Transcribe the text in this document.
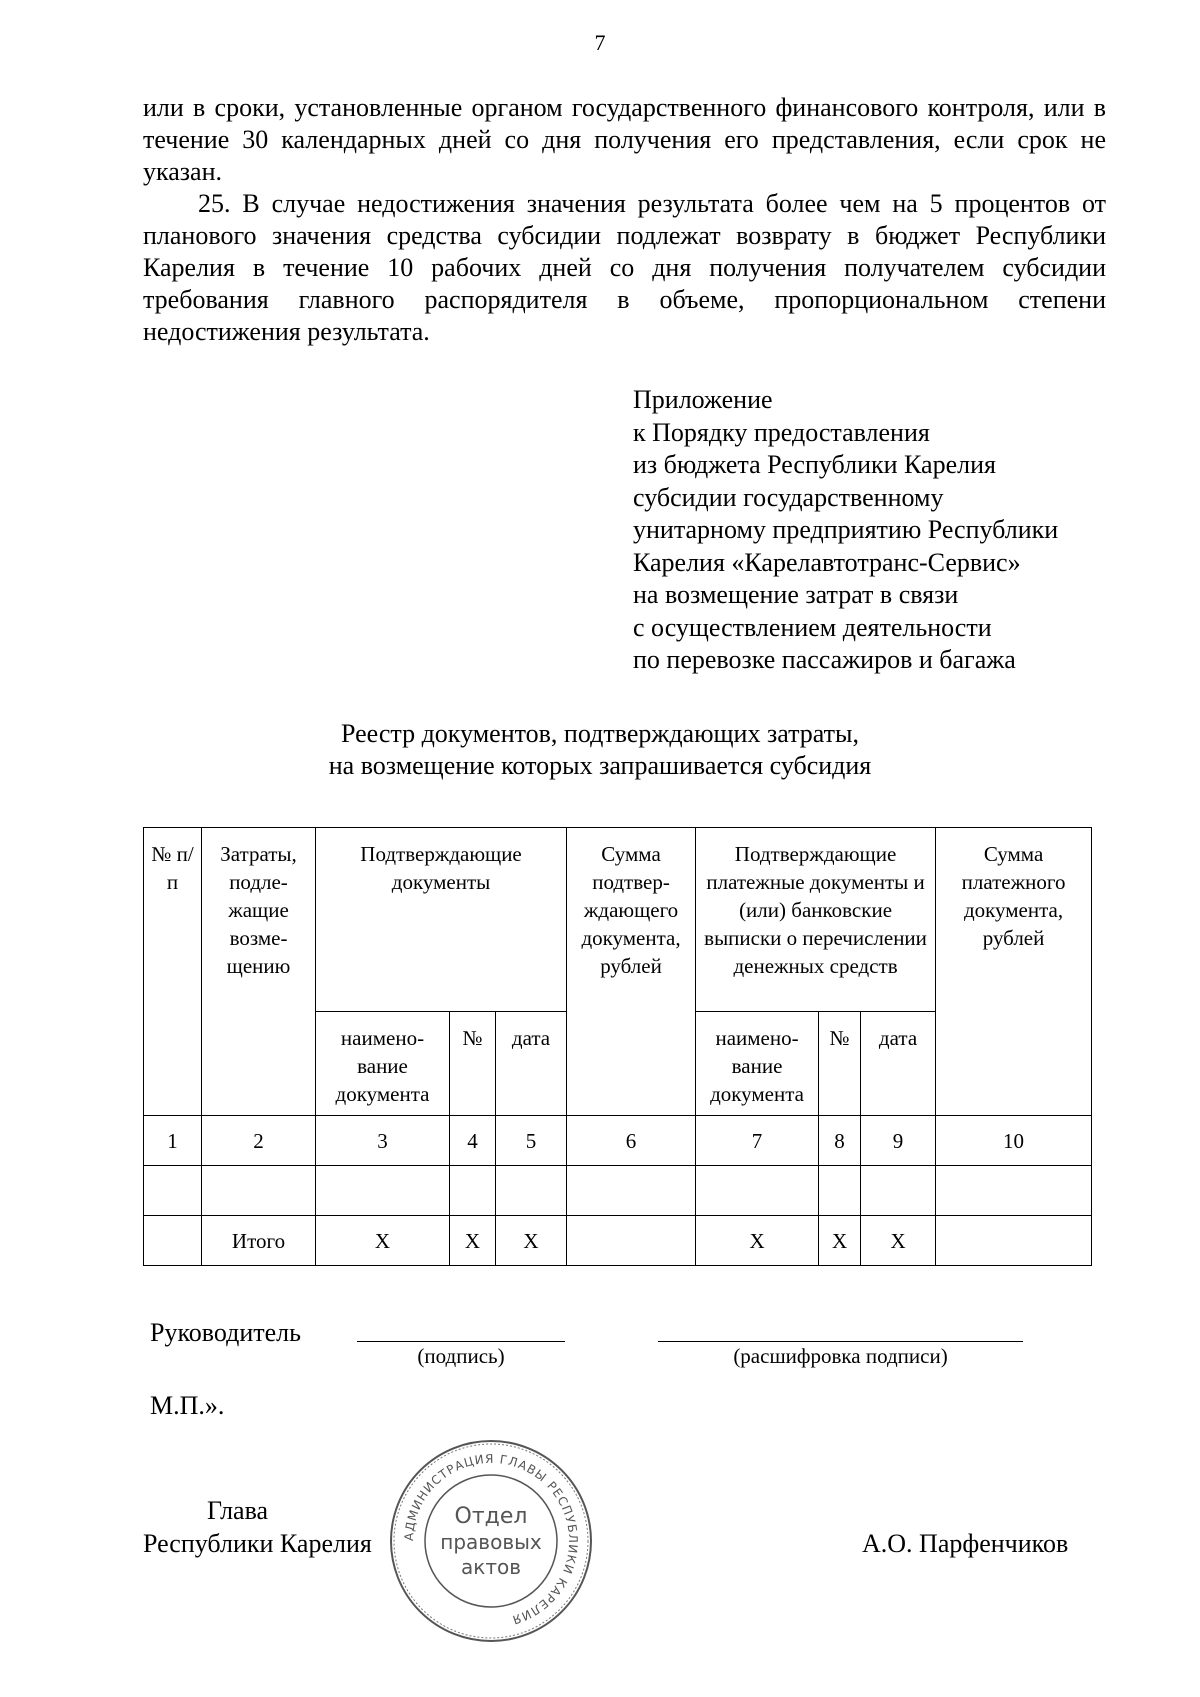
7

или в сроки, установленные органом государственного финансового контроля, или в течение 30 календарных дней со дня получения его представления, если срок не указан.

25. В случае недостижения значения результата более чем на 5 процентов от планового значения средства субсидии подлежат возврату в бюджет Республики Карелия в течение 10 рабочих дней со дня получения получателем субсидии требования главного распорядителя в объеме, пропорциональном степени недостижения результата.

Приложение
к Порядку предоставления
из бюджета Республики Карелия
субсидии государственному
унитарному предприятию Республики
Карелия «Карелавтотранс-Сервис»
на возмещение затрат в связи
с осуществлением деятельности
по перевозке пассажиров и багажа
Реестр документов, подтверждающих затраты,
на возмещение которых запрашивается субсидия
№ п/п	Затраты, подле-жащие возме-щению	Подтверждающие документы			Сумма подтвер-ждающего документа, рублей	Подтверждающие платежные документы и (или) банковские выписки о перечислении денежных средств			Сумма платежного документа, рублей
		наимено-вание документа	№	дата		наимено-вание документа	№	дата	
1	2	3	4	5	6	7	8	9	10

	Итого	X	X	X		X	X	X	
Руководитель
(подпись)	(расшифровка подписи)
М.П.».
Глава
Республики Карелия	А.О. Парфенчиков
АДМИНИСТРАЦИЯ ГЛАВЫ РЕСПУБЛИКИ КАРЕЛИЯ
Отдел
правовых
актов
